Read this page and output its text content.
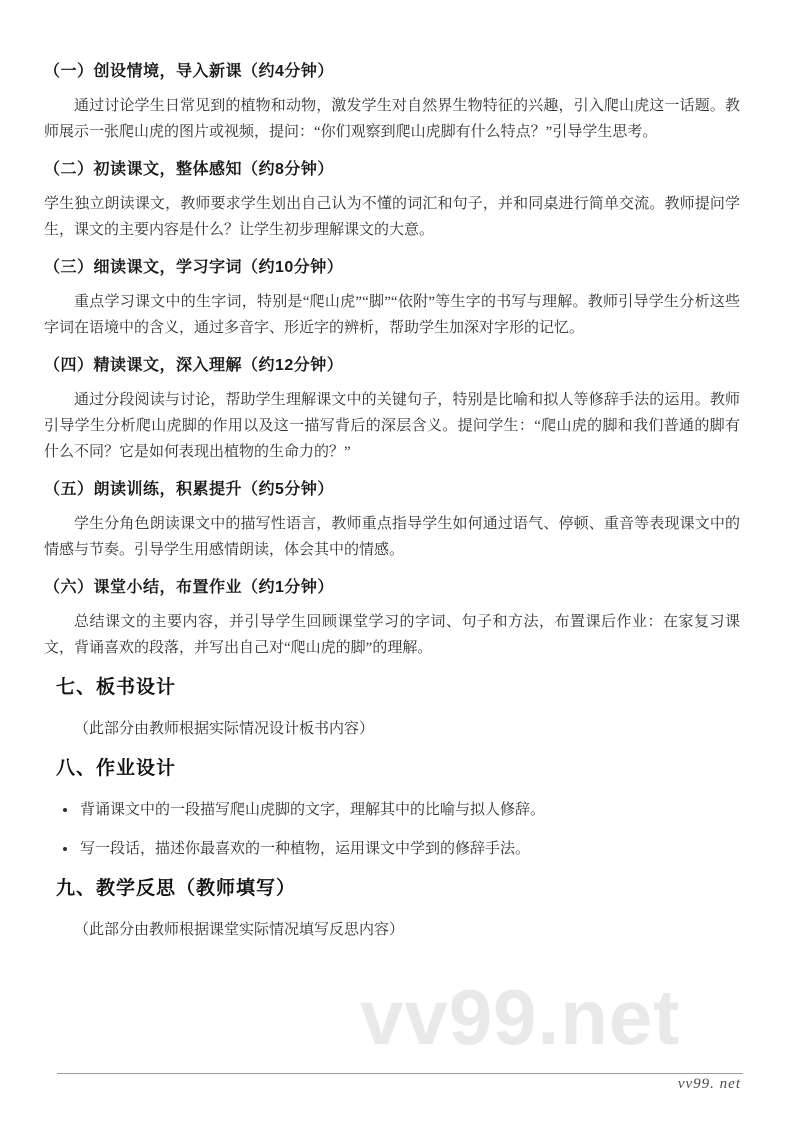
（一）创设情境，导入新课（约4分钟）

通过讨论学生日常见到的植物和动物，激发学生对自然界生物特征的兴趣，引入爬山虎这一话题。教师展示一张爬山虎的图片或视频，提问：“你们观察到爬山虎脚有什么特点？”引导学生思考。

（二）初读课文，整体感知（约8分钟）

学生独立朗读课文，教师要求学生划出自己认为不懂的词汇和句子，并和同桌进行简单交流。教师提问学生，课文的主要内容是什么？让学生初步理解课文的大意。

（三）细读课文，学习字词（约10分钟）

重点学习课文中的生字词，特别是“爬山虎”“脚”“依附”等生字的书写与理解。教师引导学生分析这些字词在语境中的含义，通过多音字、形近字的辨析，帮助学生加深对字形的记忆。

（四）精读课文，深入理解（约12分钟）

通过分段阅读与讨论，帮助学生理解课文中的关键句子，特别是比喻和拟人等修辞手法的运用。教师引导学生分析爬山虎脚的作用以及这一描写背后的深层含义。提问学生：“爬山虎的脚和我们普通的脚有什么不同？它是如何表现出植物的生命力的？”

（五）朗读训练，积累提升（约5分钟）

学生分角色朗读课文中的描写性语言，教师重点指导学生如何通过语气、停顿、重音等表现课文中的情感与节奏。引导学生用感情朗读，体会其中的情感。

（六）课堂小结，布置作业（约1分钟）

总结课文的主要内容，并引导学生回顾课堂学习的字词、句子和方法，布置课后作业：在家复习课文，背诵喜欢的段落，并写出自己对“爬山虎的脚”的理解。

七、板书设计

（此部分由教师根据实际情况设计板书内容）

八、作业设计
• 背诵课文中的一段描写爬山虎脚的文字，理解其中的比喻与拟人修辞。
• 写一段话，描述你最喜欢的一种植物，运用课文中学到的修辞手法。
九、教学反思（教师填写）

（此部分由教师根据课堂实际情况填写反思内容）

vv99.net
vv99. net
